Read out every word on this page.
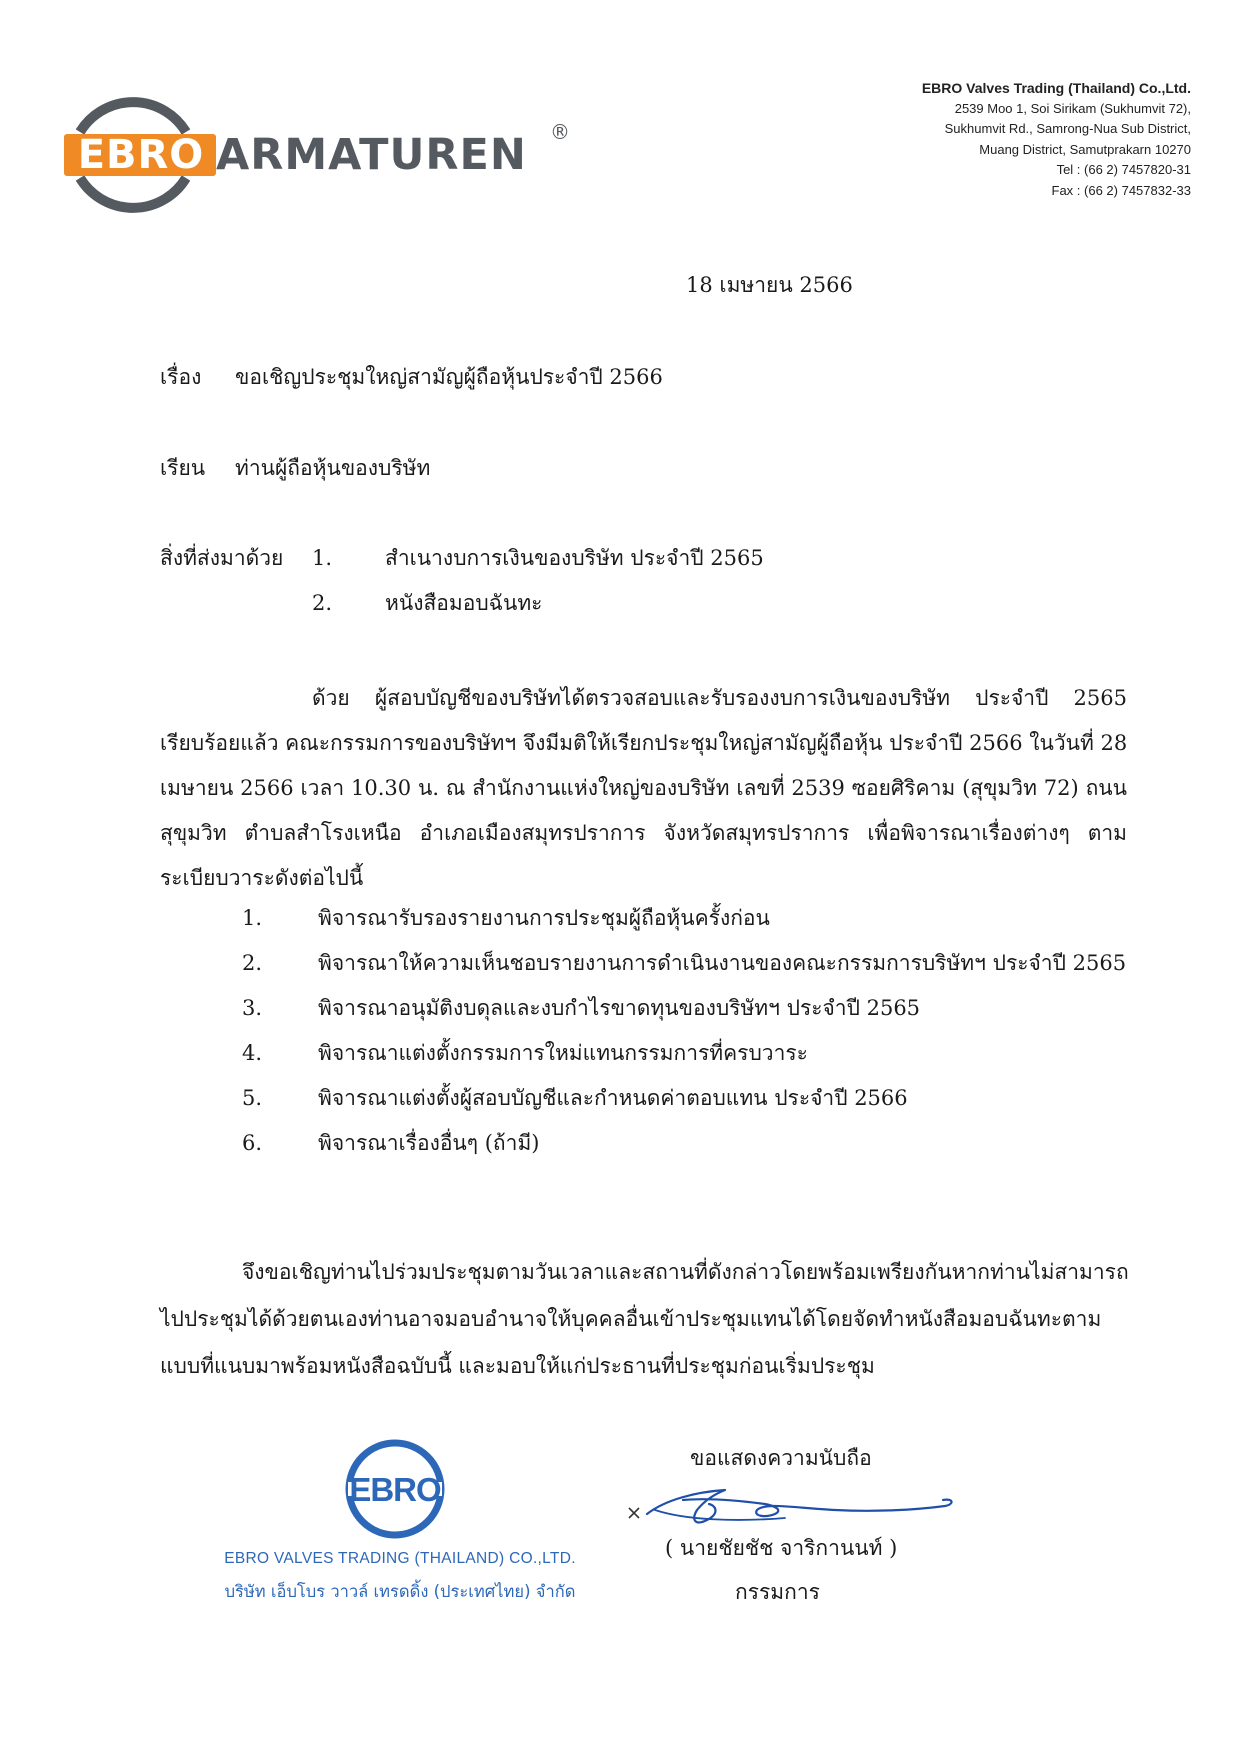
EBRO ARMATUREN ®
EBRO Valves Trading (Thailand) Co.,Ltd.
2539 Moo 1, Soi Sirikam (Sukhumvit 72),
Sukhumvit Rd., Samrong-Nua Sub District,
Muang District, Samutprakarn 10270
Tel : (66 2) 7457820-31
Fax : (66 2) 7457832-33
18 เมษายน 2566
เรื่อง ขอเชิญประชุมใหญ่สามัญผู้ถือหุ้นประจำปี 2566
เรียน ท่านผู้ถือหุ้นของบริษัท
สิ่งที่ส่งมาด้วย 1.	สำเนางบการเงินของบริษัท ประจำปี 2565
2.	หนังสือมอบฉันทะ
ด้วย ผู้สอบบัญชีของบริษัทได้ตรวจสอบและรับรองงบการเงินของบริษัท ประจำปี 2565
เรียบร้อยแล้ว คณะกรรมการของบริษัทฯ จึงมีมติให้เรียกประชุมใหญ่สามัญผู้ถือหุ้น ประจำปี 2566 ในวันที่ 28
เมษายน 2566 เวลา 10.30 น. ณ สำนักงานแห่งใหญ่ของบริษัท เลขที่ 2539 ซอยศิริคาม (สุขุมวิท 72) ถนน
สุขุมวิท ตำบลสำโรงเหนือ อำเภอเมืองสมุทรปราการ จังหวัดสมุทรปราการ เพื่อพิจารณาเรื่องต่างๆ ตาม
ระเบียบวาระดังต่อไปนี้
1.	พิจารณารับรองรายงานการประชุมผู้ถือหุ้นครั้งก่อน
2.	พิจารณาให้ความเห็นชอบรายงานการดำเนินงานของคณะกรรมการบริษัทฯ ประจำปี 2565
3.	พิจารณาอนุมัติงบดุลและงบกำไรขาดทุนของบริษัทฯ ประจำปี 2565
4.	พิจารณาแต่งตั้งกรรมการใหม่แทนกรรมการที่ครบวาระ
5.	พิจารณาแต่งตั้งผู้สอบบัญชีและกำหนดค่าตอบแทน ประจำปี 2566
6.	พิจารณาเรื่องอื่นๆ (ถ้ามี)
จึงขอเชิญท่านไปร่วมประชุมตามวันเวลาและสถานที่ดังกล่าวโดยพร้อมเพรียงกันหากท่านไม่สามารถ
ไปประชุมได้ด้วยตนเองท่านอาจมอบอำนาจให้บุคคลอื่นเข้าประชุมแทนได้โดยจัดทำหนังสือมอบฉันทะตาม
แบบที่แนบมาพร้อมหนังสือฉบับนี้ และมอบให้แก่ประธานที่ประชุมก่อนเริ่มประชุม
EBRO
EBRO VALVES TRADING (THAILAND) CO.,LTD.
บริษัท เอ็บโบร วาวล์ เทรดดิ้ง (ประเทศไทย) จำกัด
ขอแสดงความนับถือ
( นายชัยชัช จาริกานนท์ )
กรรมการ
